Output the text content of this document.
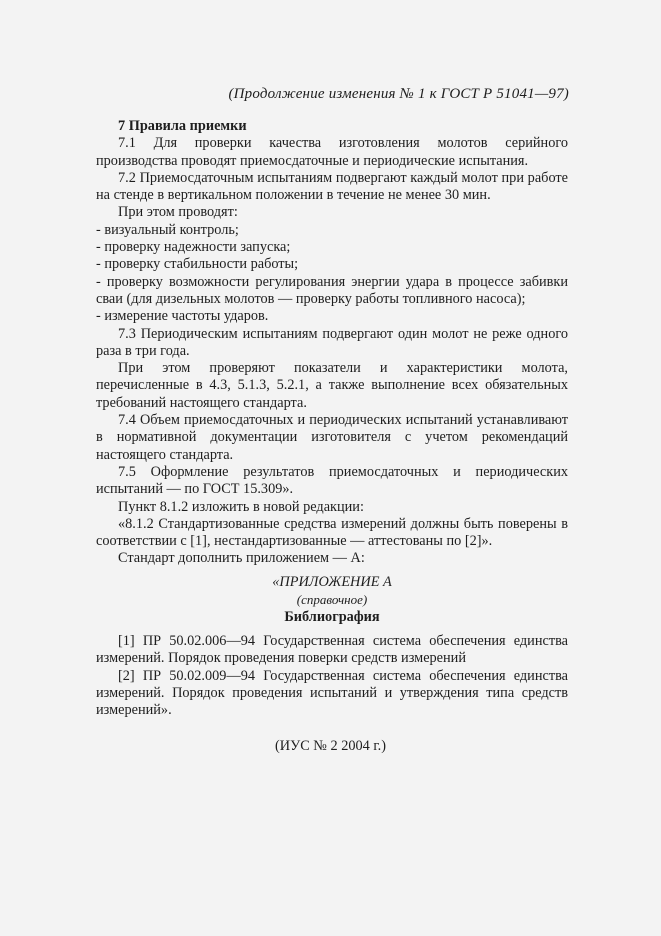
(Продолжение изменения № 1 к ГОСТ Р 51041—97)

7 Правила приемки

7.1 Для проверки качества изготовления молотов серийного производства проводят приемосдаточные и периодические испытания.

7.2 Приемосдаточным испытаниям подвергают каждый молот при работе на стенде в вертикальном положении в течение не менее 30 мин.

При этом проводят:

- визуальный контроль;

- проверку надежности запуска;

- проверку стабильности работы;

- проверку возможности регулирования энергии удара в процессе забивки сваи (для дизельных молотов — проверку работы топливного насоса);

- измерение частоты ударов.

7.3 Периодическим испытаниям подвергают один молот не реже одного раза в три года.

При этом проверяют показатели и характеристики молота, перечисленные в 4.3, 5.1.3, 5.2.1, а также выполнение всех обязательных требований настоящего стандарта.

7.4 Объем приемосдаточных и периодических испытаний устанавливают в нормативной документации изготовителя с учетом рекомендаций настоящего стандарта.

7.5 Оформление результатов приемосдаточных и периодических испытаний — по ГОСТ 15.309».

Пункт 8.1.2 изложить в новой редакции:

«8.1.2 Стандартизованные средства измерений должны быть поверены в соответствии с [1], нестандартизованные — аттестованы по [2]».

Стандарт дополнить приложением — А:

«ПРИЛОЖЕНИЕ А
(справочное)
Библиография

[1] ПР 50.02.006—94 Государственная система обеспечения единства измерений. Порядок проведения поверки средств измерений

[2] ПР 50.02.009—94 Государственная система обеспечения единства измерений. Порядок проведения испытаний и утверждения типа средств измерений».

(ИУС № 2 2004 г.)
